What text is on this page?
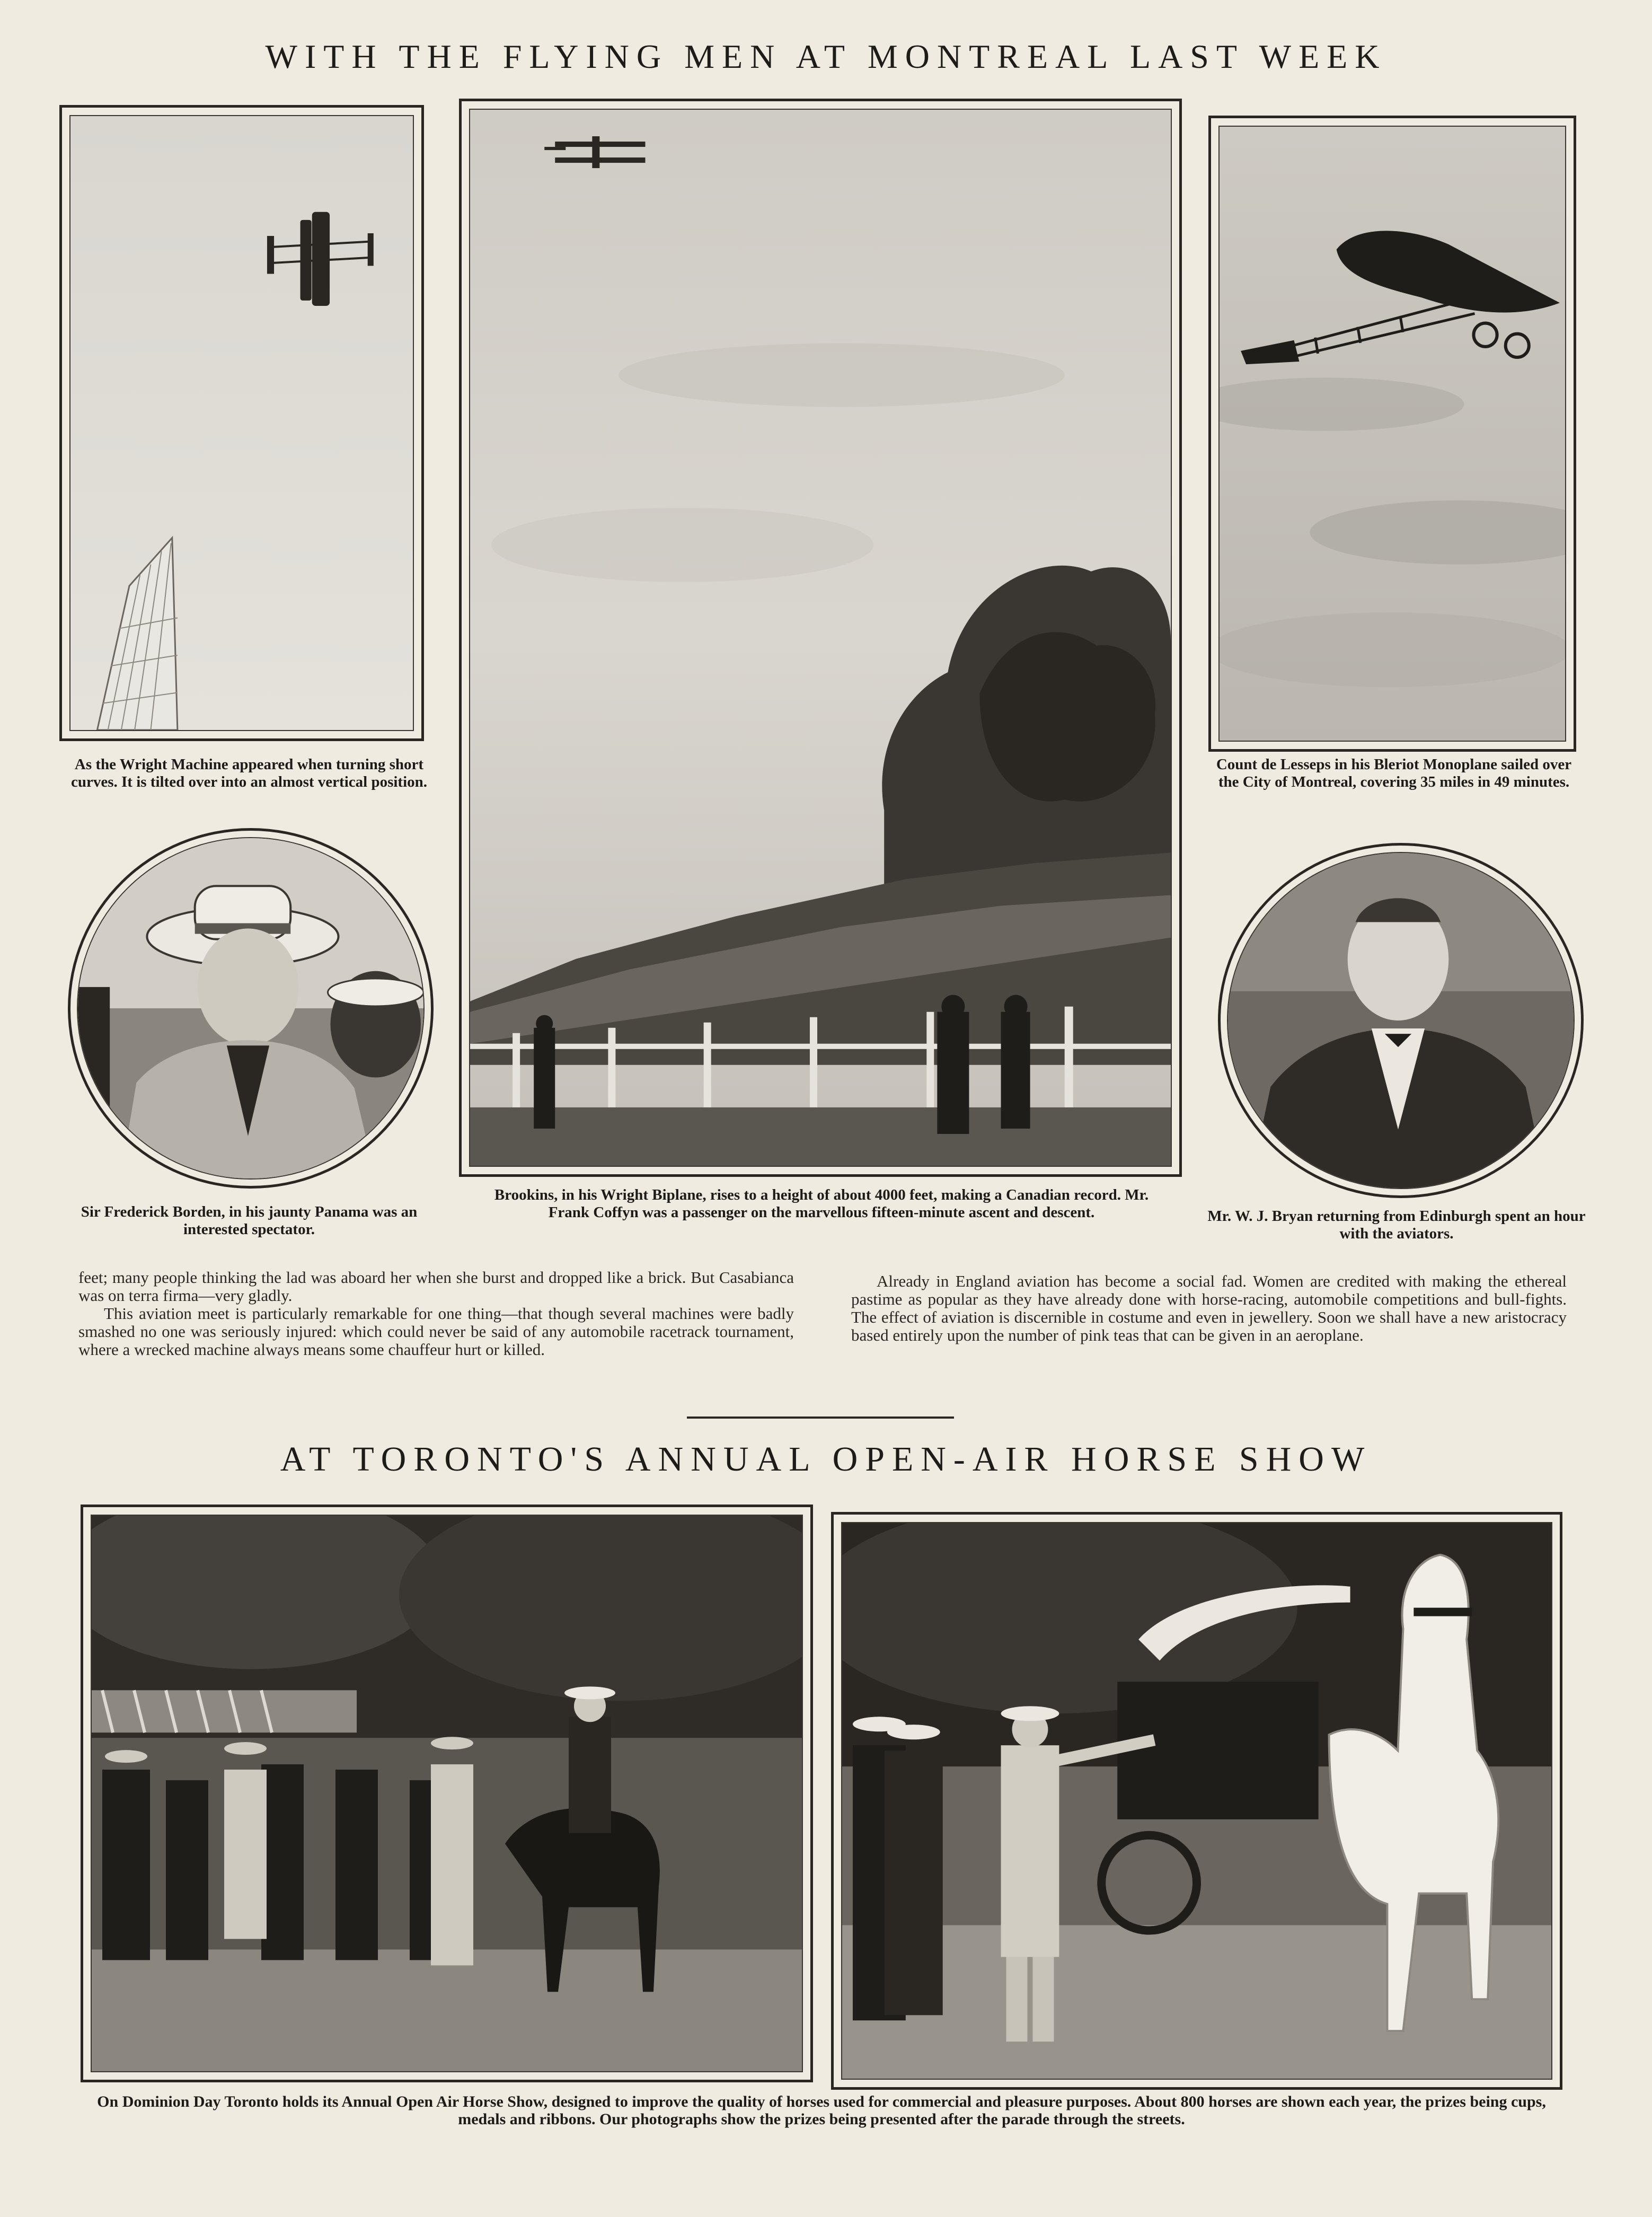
WITH THE FLYING MEN AT MONTREAL LAST WEEK
As the Wright Machine appeared when turning short curves. It is tilted over into an almost vertical position.
Brookins, in his Wright Biplane, rises to a height of about 4000 feet, making a Canadian record. Mr. Frank Coffyn was a passenger on the marvellous fifteen-minute ascent and descent.
Count de Lesseps in his Bleriot Monoplane sailed over the City of Montreal, covering 35 miles in 49 minutes.
Sir Frederick Borden, in his jaunty Panama was an interested spectator.
Mr. W. J. Bryan returning from Edinburgh spent an hour with the aviators.

feet; many people thinking the lad was aboard her when she burst and dropped like a brick. But Casabianca was on terra firma—very gladly.

This aviation meet is particularly remarkable for one thing—that though several machines were badly smashed no one was seriously injured: which could never be said of any automobile racetrack tournament, where a wrecked machine always means some chauffeur hurt or killed.

Already in England aviation has become a social fad. Women are credited with making the ethereal pastime as popular as they have already done with horse-racing, automobile competitions and bull-fights. The effect of aviation is discernible in costume and even in jewellery. Soon we shall have a new aristocracy based entirely upon the number of pink teas that can be given in an aeroplane.

AT TORONTO'S ANNUAL OPEN-AIR HORSE SHOW
On Dominion Day Toronto holds its Annual Open Air Horse Show, designed to improve the quality of horses used for commercial and pleasure purposes. About 800 horses are shown each year, the prizes being cups, medals and ribbons. Our photographs show the prizes being presented after the parade through the streets.
